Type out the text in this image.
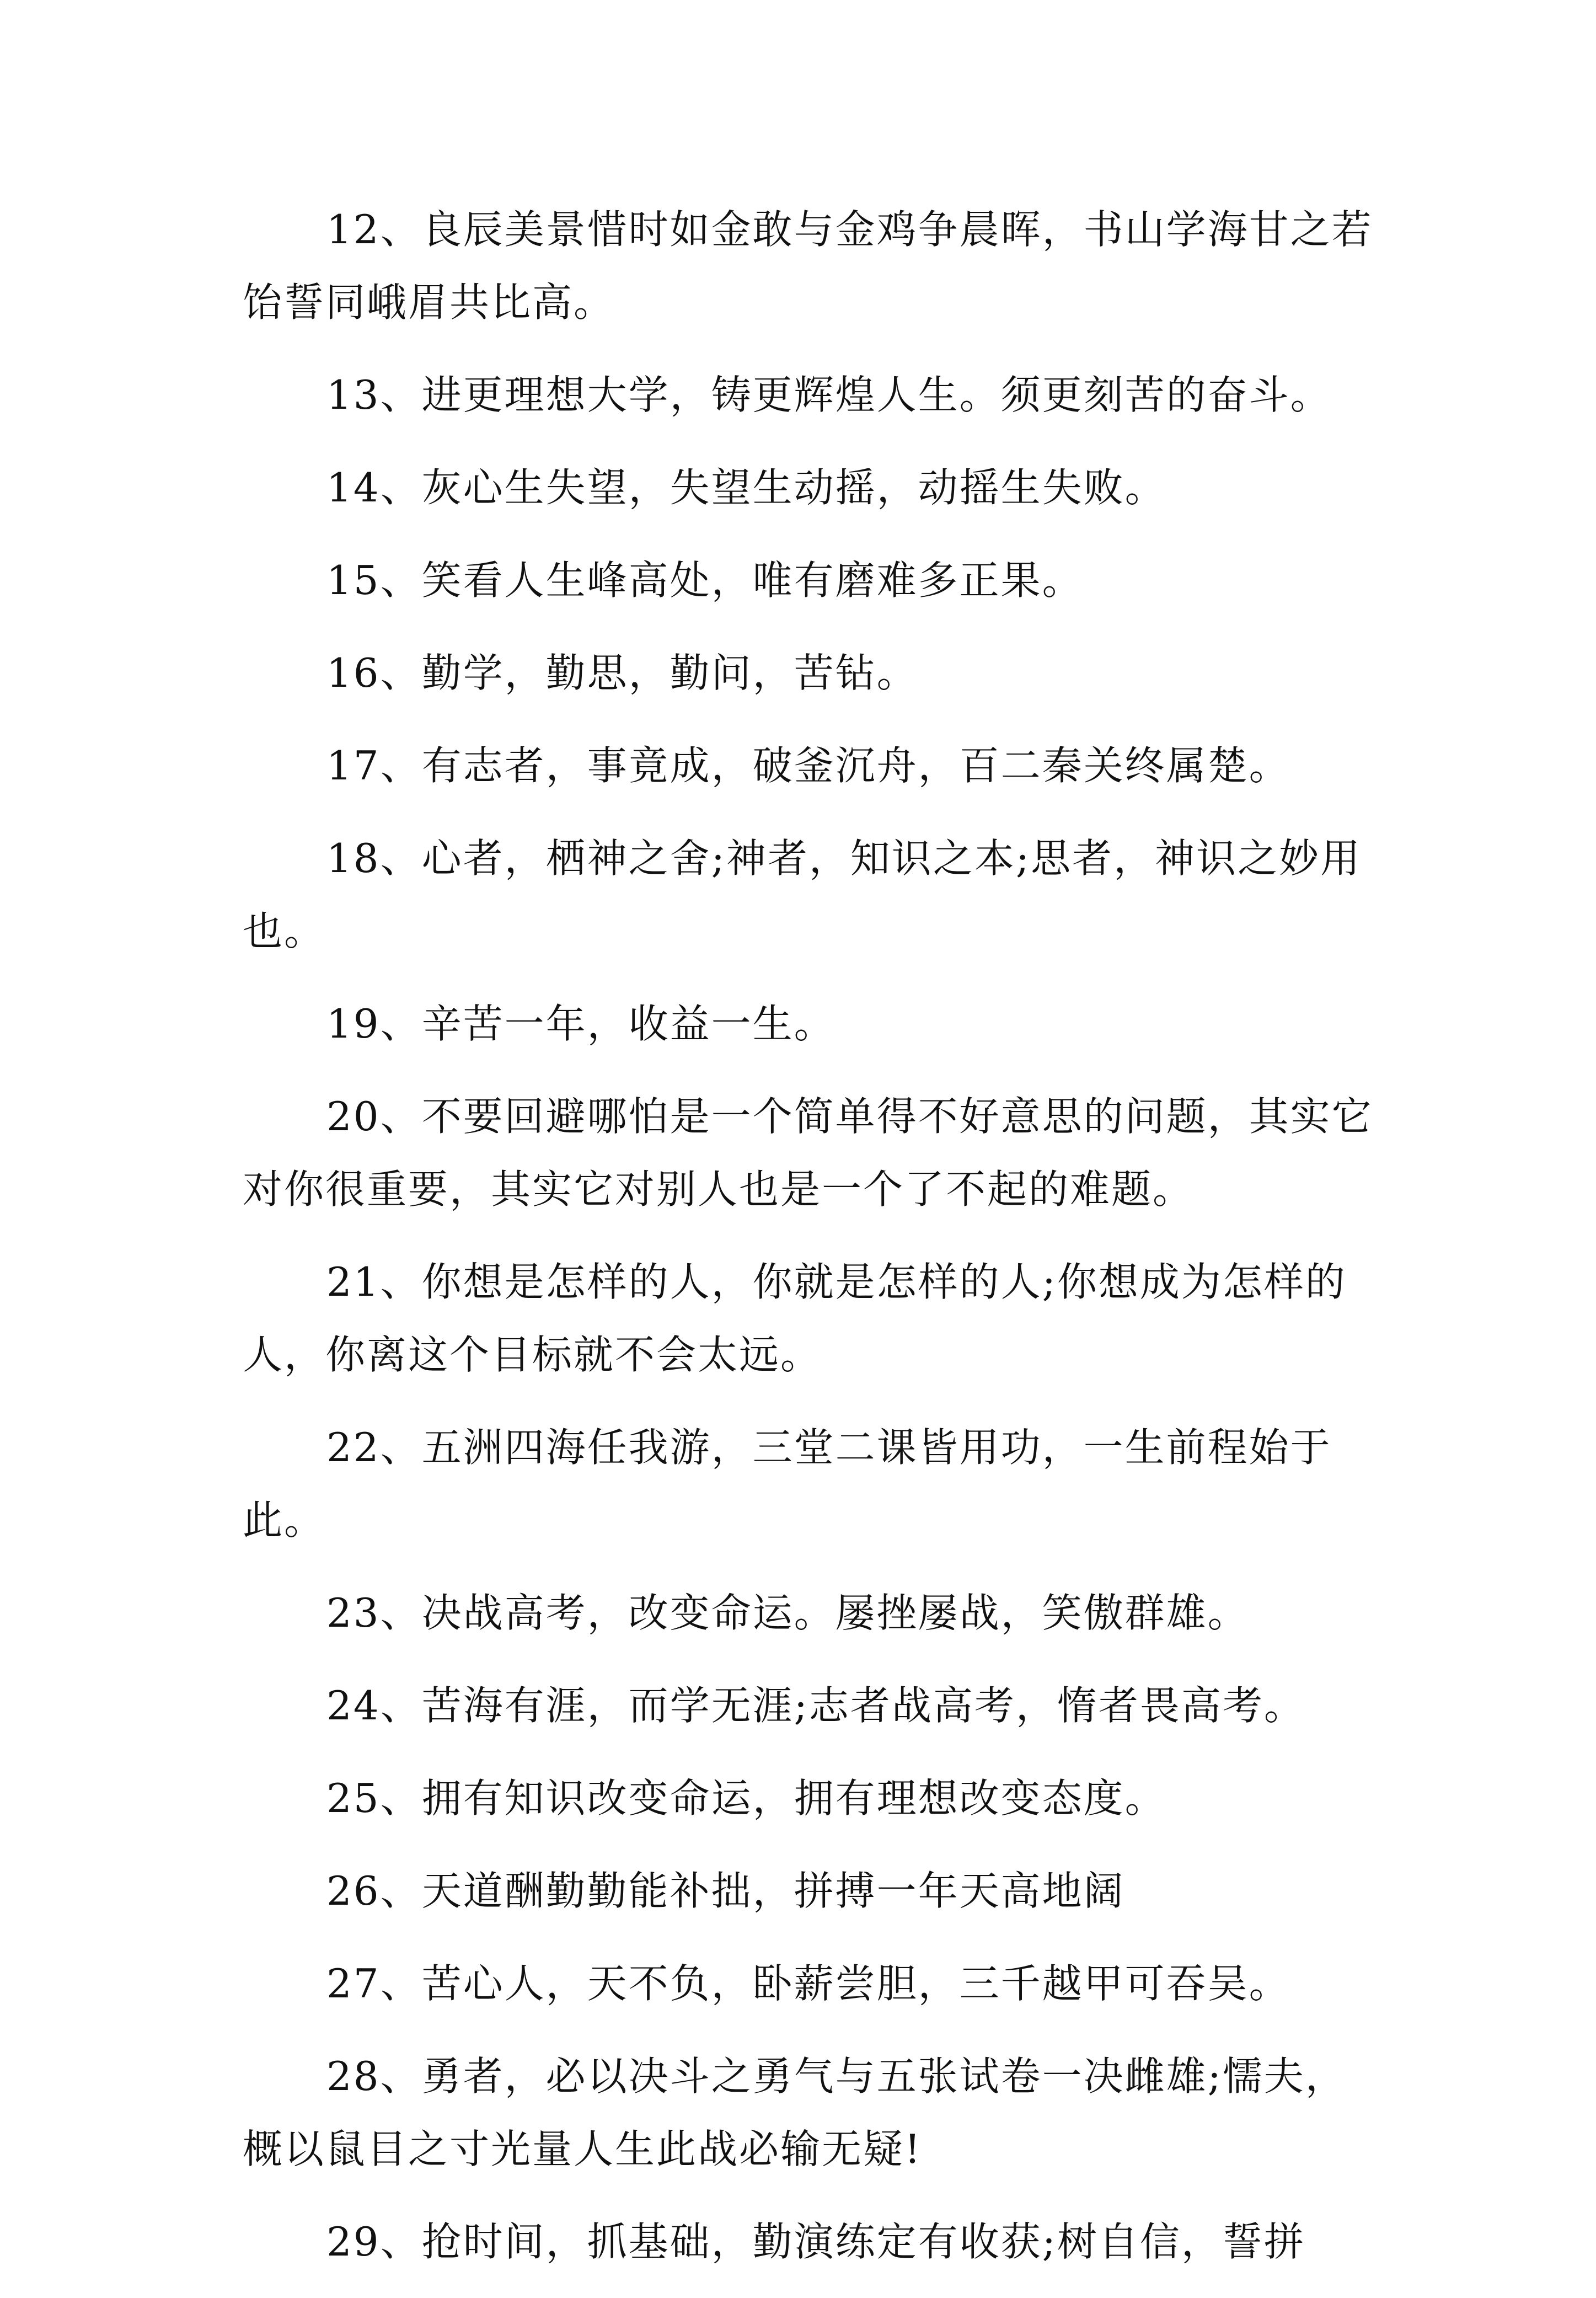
12、良辰美景惜时如金敢与金鸡争晨晖，书山学海甘之若饴誓同峨眉共比高。

13、进更理想大学，铸更辉煌人生。须更刻苦的奋斗。

14、灰心生失望，失望生动摇，动摇生失败。

15、笑看人生峰高处，唯有磨难多正果。

16、勤学，勤思，勤问，苦钻。

17、有志者，事竟成，破釜沉舟，百二秦关终属楚。

18、心者，栖神之舍;神者，知识之本;思者，神识之妙用也。

19、辛苦一年，收益一生。

20、不要回避哪怕是一个简单得不好意思的问题，其实它对你很重要，其实它对别人也是一个了不起的难题。

21、你想是怎样的人，你就是怎样的人;你想成为怎样的人，你离这个目标就不会太远。

22、五洲四海任我游，三堂二课皆用功，一生前程始于此。

23、决战高考，改变命运。屡挫屡战，笑傲群雄。

24、苦海有涯，而学无涯;志者战高考，惰者畏高考。

25、拥有知识改变命运，拥有理想改变态度。

26、天道酬勤勤能补拙，拼搏一年天高地阔

27、苦心人，天不负，卧薪尝胆，三千越甲可吞吴。

28、勇者，必以决斗之勇气与五张试卷一决雌雄;懦夫，概以鼠目之寸光量人生此战必输无疑!

29、抢时间，抓基础，勤演练定有收获;树自信，誓拼
